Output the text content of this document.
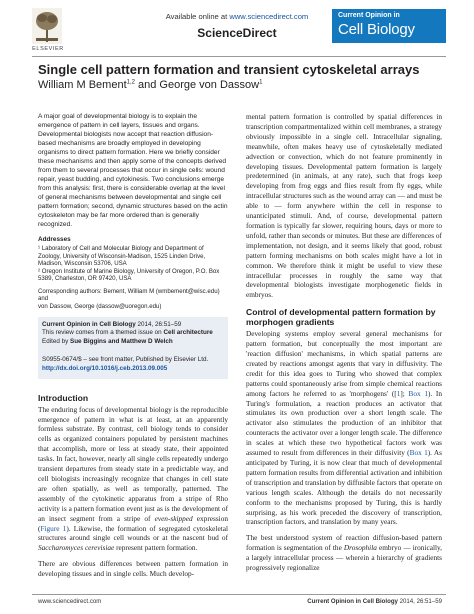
ELSEVIER
Available online at www.sciencedirect.com
ScienceDirect
Current Opinion in
Cell Biology
Single cell pattern formation and transient cytoskeletal arrays
William M Bement$^{1,2}$ and George von Dassow$^1$

A major goal of developmental biology is to explain the emergence of pattern in cell layers, tissues and organs. Developmental biologists now accept that reaction diffusion-based mechanisms are broadly employed in developing organisms to direct pattern formation. Here we briefly consider these mechanisms and then apply some of the concepts derived from them to several processes that occur in single cells: wound repair, yeast budding, and cytokinesis. Two conclusions emerge from this analysis: first, there is considerable overlap at the level of general mechanisms between developmental and single cell pattern formation; second, dynamic structures based on the actin cytoskeleton may be far more ordered than is generally recognized.

Addresses
¹ Laboratory of Cell and Molecular Biology and Department of Zoology, University of Wisconsin-Madison, 1525 Linden Drive, Madison, Wisconsin 53706, USA
² Oregon Institute of Marine Biology, University of Oregon, P.O. Box 5389, Charleston, OR 97420, USA
Corresponding authors: Bement, William M (wmbement@wisc.edu) and
von Dassow, George (dassow@uoregon.edu)
Current Opinion in Cell Biology 2014, 26:51–59
This review comes from a themed issue on Cell architecture
Edited by Sue Biggins and Matthew D Welch
S0955-0674/$ – see front matter, Published by Elsevier Ltd.
http://dx.doi.org/10.1016/j.ceb.2013.09.005
Introduction

The enduring focus of developmental biology is the reproducible emergence of pattern in what is at least, at an apparently formless substrate. By contrast, cell biology tends to consider cells as organized containers populated by persistent machines that accomplish, more or less at steady state, their appointed tasks. In fact, however, nearly all single cells repeatedly undergo transient departures from steady state in a predictable way, and cell biologists increasingly recognize that changes in cell state are often spatially, as well as temporally, patterned. The assembly of the cytokinetic apparatus from a stripe of Rho activity is a pattern formation event just as is the development of an insect segment from a stripe of even-skipped expression (Figure 1). Likewise, the formation of segregated cytoskeletal structures around single cell wounds or at the nascent bud of Saccharomyces cerevisiae represent pattern formation.

There are obvious differences between pattern formation in developing tissues and in single cells. Much develop-

mental pattern formation is controlled by spatial differences in transcription compartmentalized within cell membranes, a strategy obviously impossible in a single cell. Intracellular signaling, meanwhile, often makes heavy use of cytoskeletally mediated advection or convection, which do not feature prominently in developing tissues. Developmental pattern formation is largely predetermined (in animals, at any rate), such that frogs keep developing from frog eggs and flies result from fly eggs, while intracellular structures such as the wound array can — and must be able to — form anywhere within the cell in response to unanticipated stimuli. And, of course, developmental pattern formation is typically far slower, requiring hours, days or more to unfold, rather than seconds or minutes. But these are differences of implementation, not design, and it seems likely that good, robust pattern forming mechanisms on both scales might have a lot in common. We therefore think it might be useful to view these intracellular processes in roughly the same way that developmental biologists investigate morphogenetic fields in embryos.

Control of developmental pattern formation by morphogen gradients

Developing systems employ several general mechanisms for pattern formation, but conceptually the most important are 'reaction diffusion' mechanisms, in which spatial patterns are created by reactions amongst agents that vary in diffusivity. The credit for this idea goes to Turing who showed that complex patterns could spontaneously arise from simple chemical reactions among factors he referred to as 'morphogens' ([1]; Box 1). In Turing's formulation, a reaction produces an activator that stimulates its own production over a short length scale. The activator also stimulates the production of an inhibitor that counteracts the activator over a longer length scale. The difference in scales at which these two hypothetical factors work was assumed to result from differences in their diffusivity (Box 1). As anticipated by Turing, it is now clear that much of developmental pattern formation results from differential activation and inhibition of transcription and translation by diffusible factors that operate on various length scales. Although the details do not necessarily conform to the mechanisms proposed by Turing, this is hardly surprising, as his work preceded the discovery of transcription, transcription factors, and translation by many years.

The best understood system of reaction diffusion-based pattern formation is segmentation of the Drosophila embryo — ironically, a largely intracellular process — wherein a hierarchy of gradients progressively regionalize

www.sciencedirect.com	Current Opinion in Cell Biology 2014, 26:51–59
